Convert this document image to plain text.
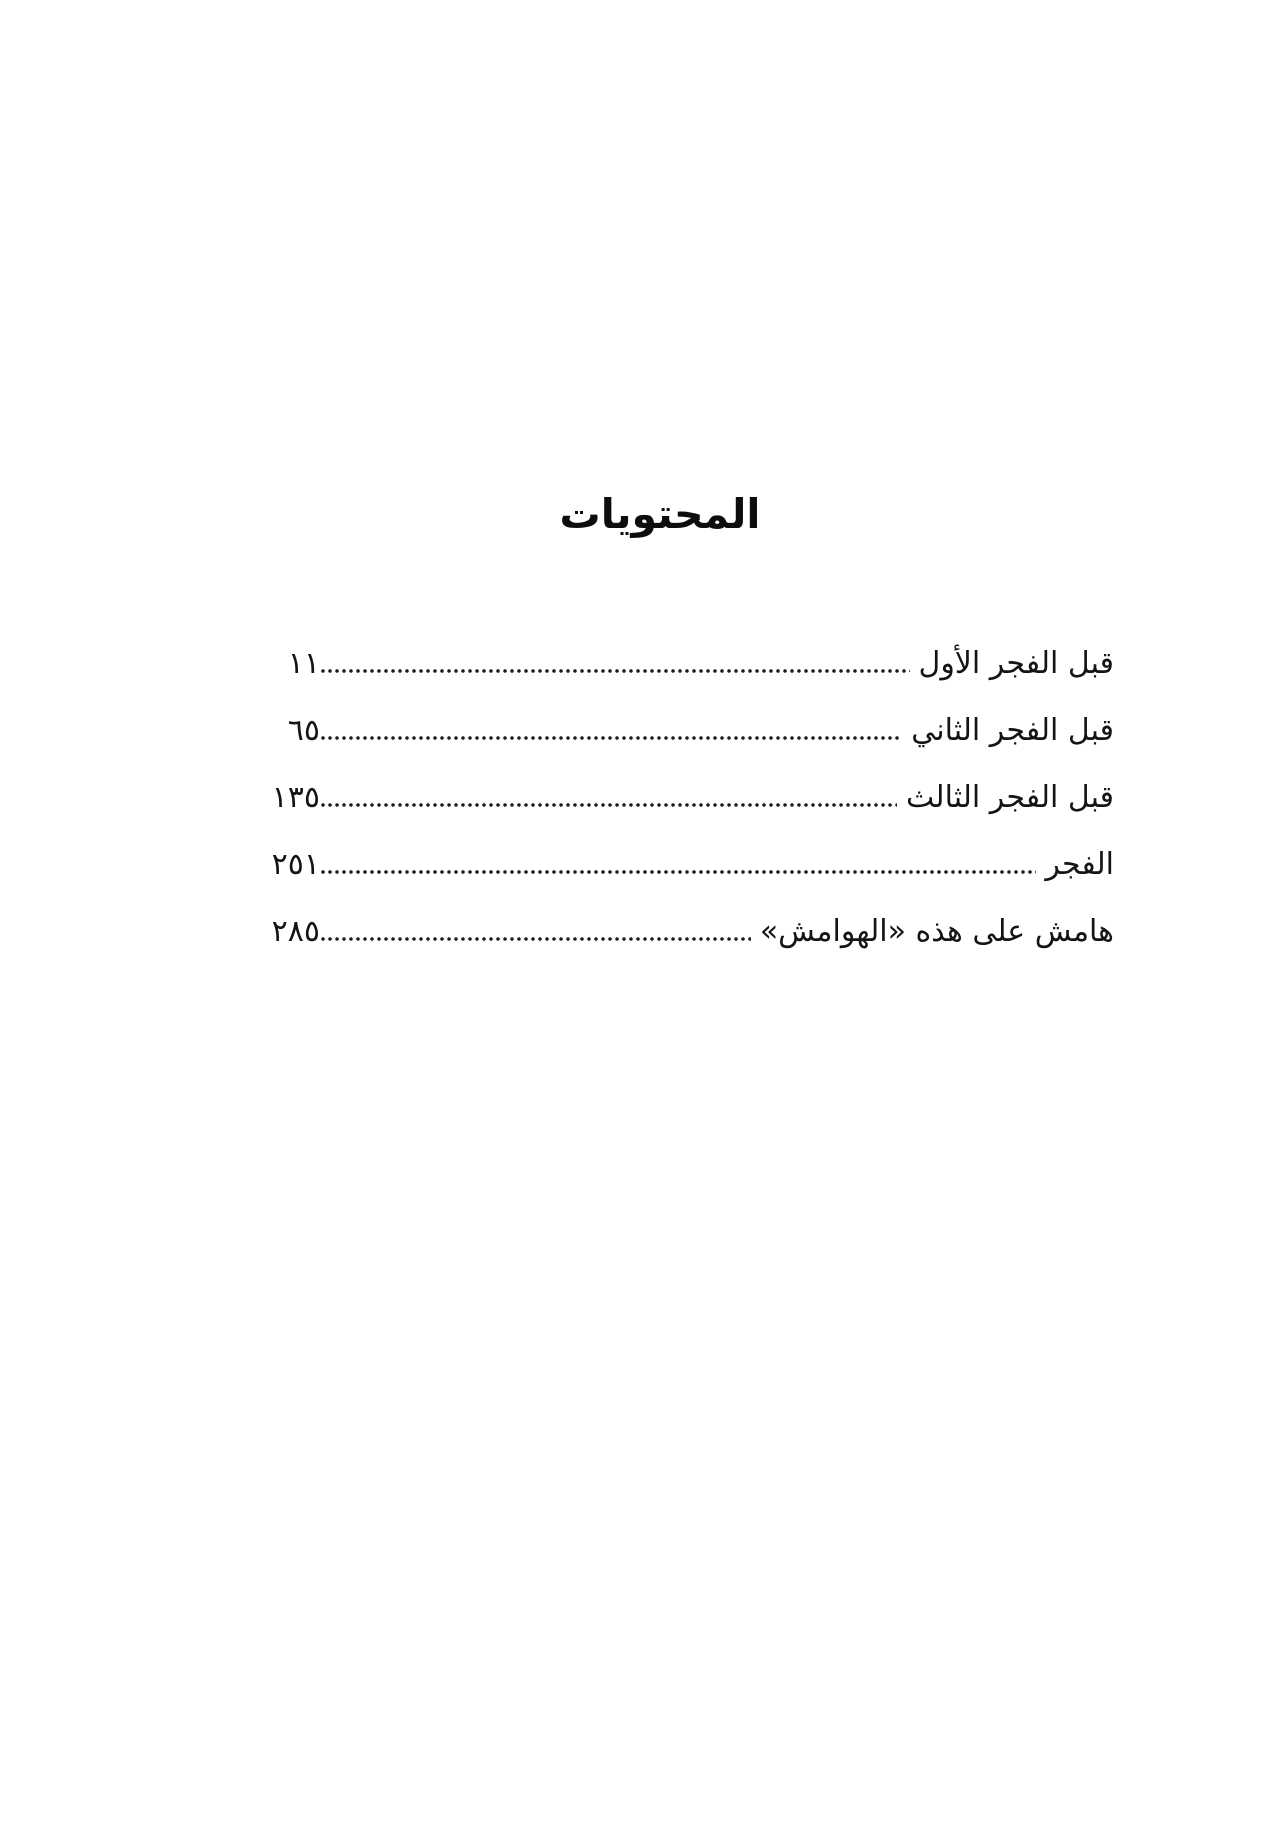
المحتويات
قبل الفجر الأول
١١
قبل الفجر الثاني
٦٥
قبل الفجر الثالث
١٣٥
الفجر
٢٥١
هامش على هذه «الهوامش»
٢٨٥
